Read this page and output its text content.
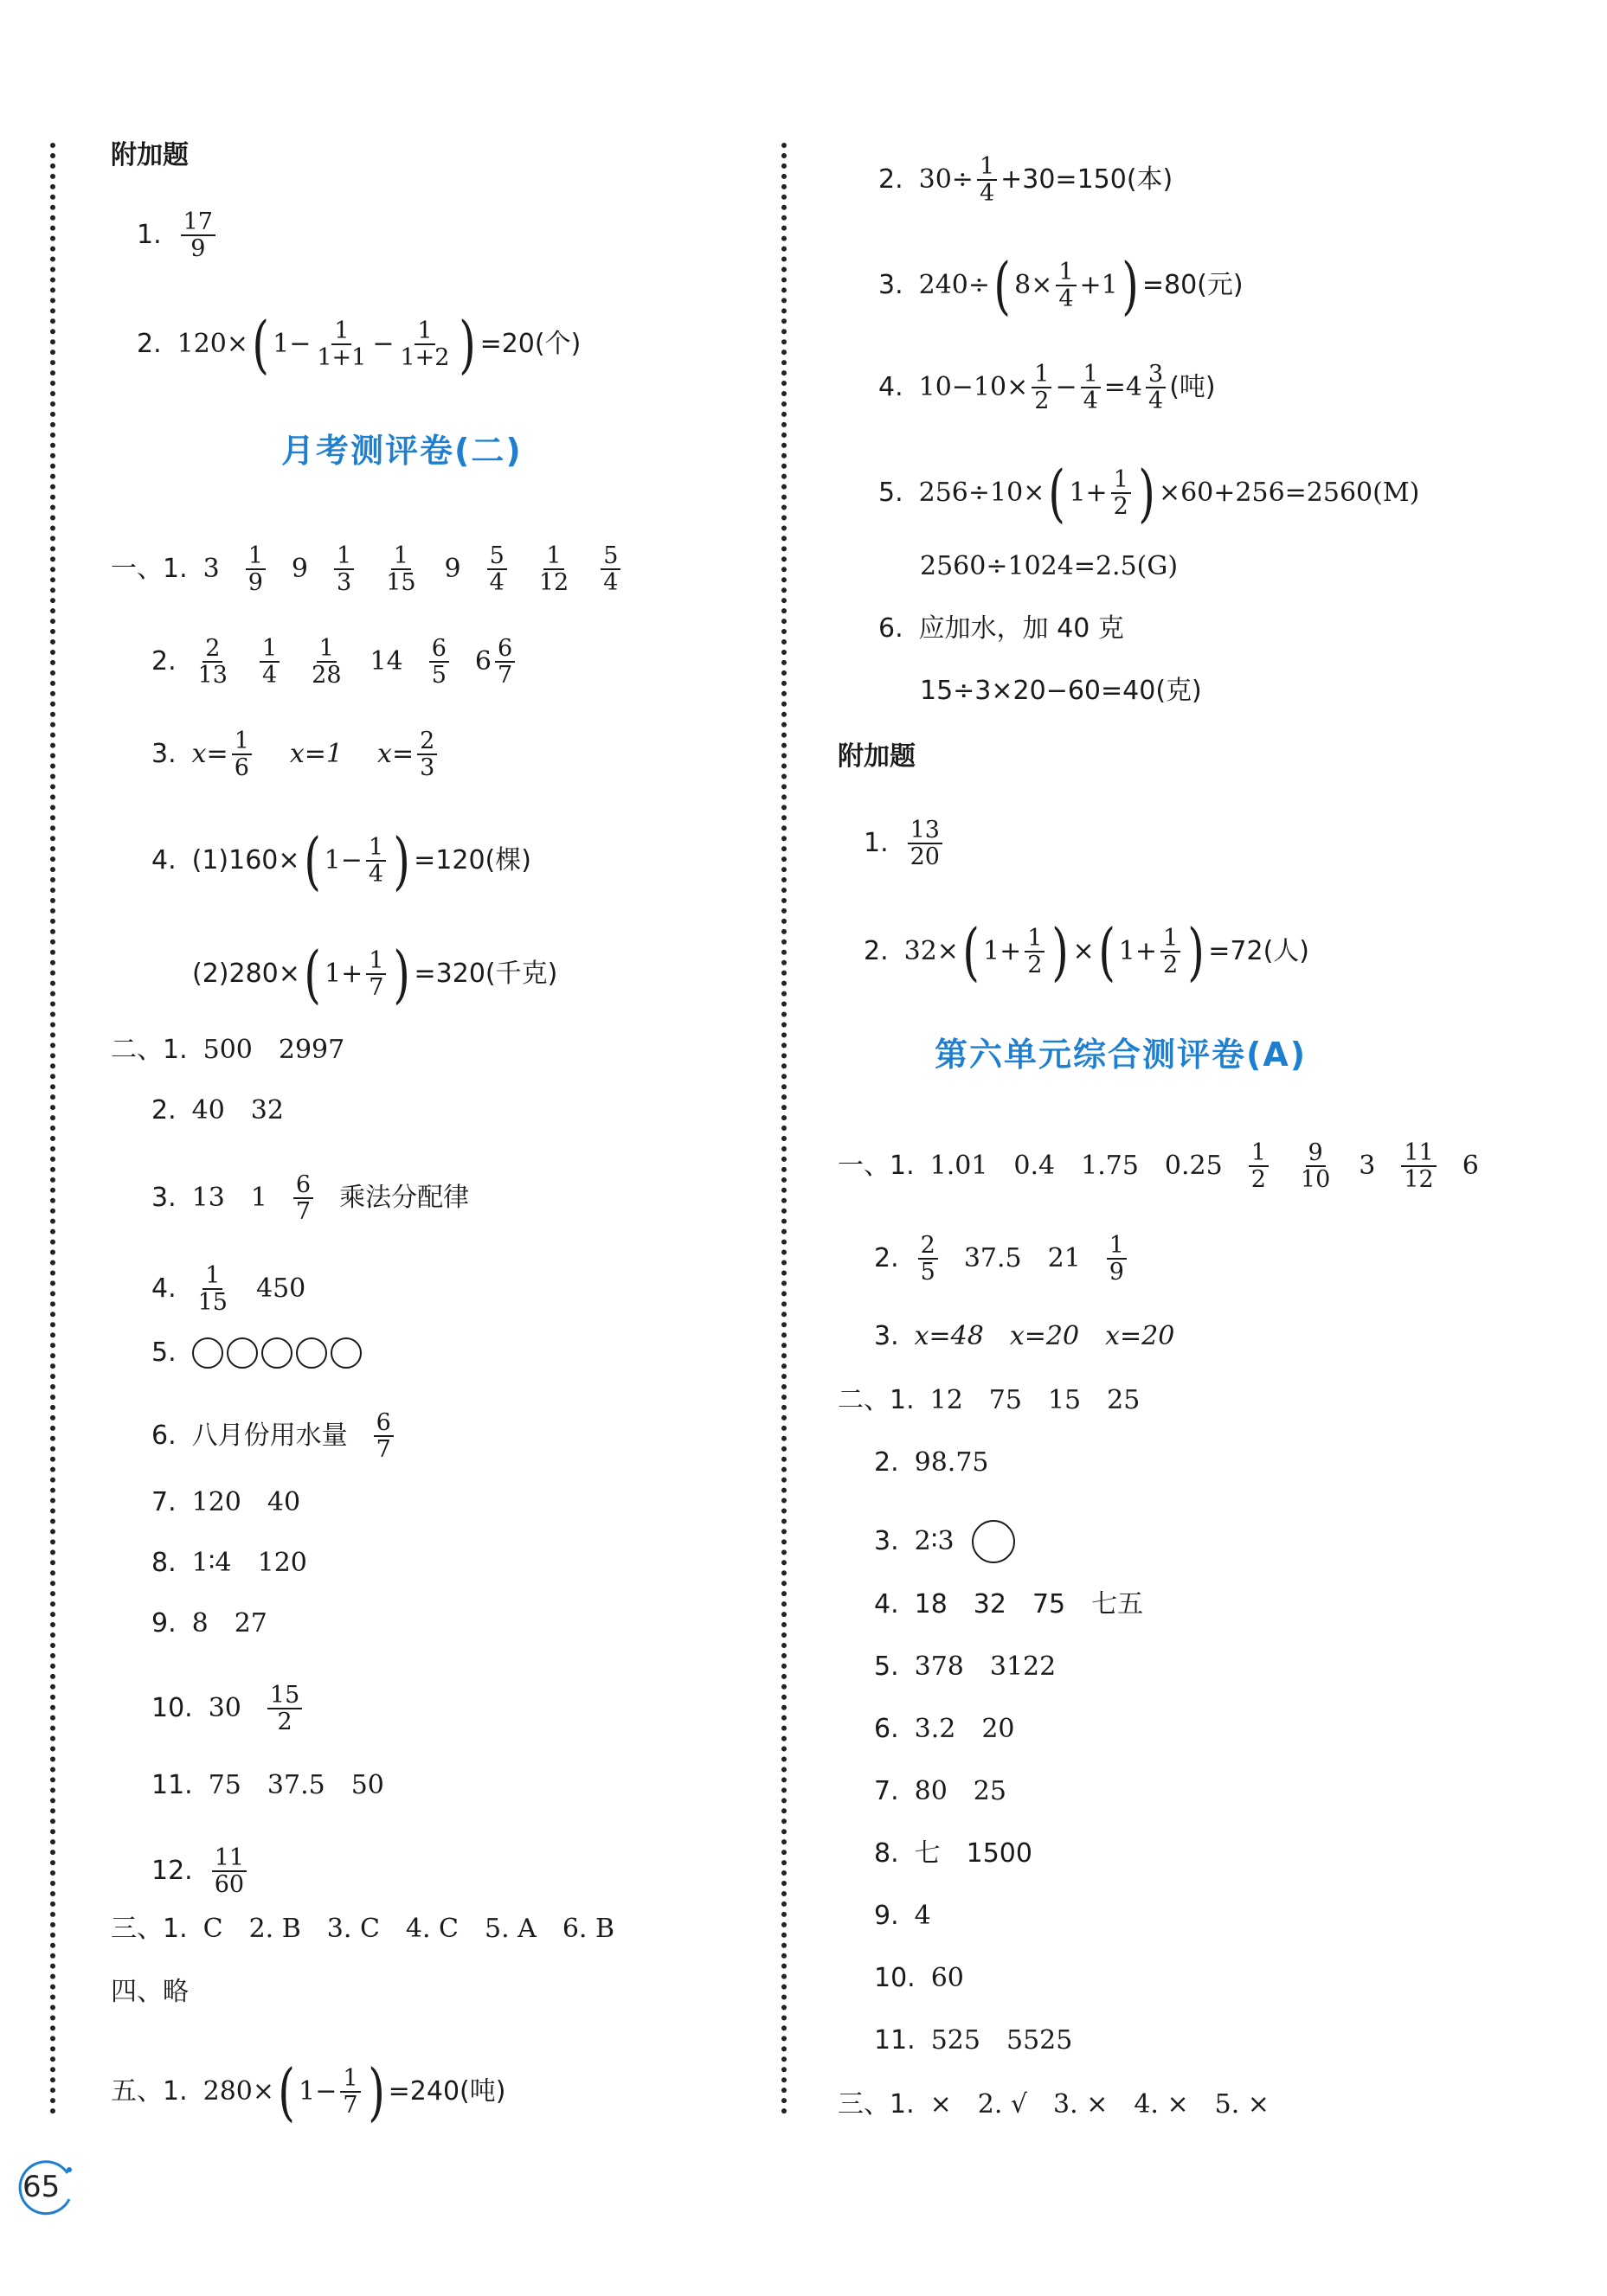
附加题
1. $\frac{17}{9}$
2. 120× ( $1- \frac{1}{1+1} - \frac{1}{1+2}$ ) =20(个)
月考测评卷(二)
一、1. $3 \frac{1}{9} 9 \frac{1}{3} \frac{1}{15} 9 \frac{5}{4} \frac{1}{12} \frac{5}{4}$
2. $\frac{2}{13} \frac{1}{4} \frac{1}{28} 14 \frac{6}{5} 6 \frac{6}{7}$
3. $x= \frac{1}{6} x=1$ $x= \frac{2}{3}$
4. (1)160× ( $1- \frac{1}{4}$ ) =120(棵)
(2)280× ( $1+ \frac{1}{7}$ ) =320(千克)
二、1. 500　2997
2. 40　32
3. 13　$1 \frac{6}{7}$ 乘法分配律
4. $\frac{1}{15} 450$
5.
6. 八月份用水量 $\frac{6}{7}$
7. 120　40
8. 1∶4　120
9. 8　27
10. $30 \frac{15}{2}$
11. 75　37.5　50
12. $\frac{11}{60}$
三、1. C　2. B　3. C　4. C　5. A　6. B
四、略
五、1. 280× ( $1- \frac{1}{7}$ ) =240(吨)
2. $30\div \frac{1}{4} +30=150$(本)
3. 240÷ ( $8\times \frac{1}{4} +1$ ) =80(元)
4. $10-10\times \frac{1}{2} - \frac{1}{4} =4 \frac{3}{4}$ (吨)
5. 256÷10× ( $1+ \frac{1}{2}$ ) ×60+256=2560(M)
2560÷1024=2.5(G)
6. 应加水，加 40 克
15÷3×20−60=40(克)
附加题
1. $\frac{13}{20}$
2. 32× ( $1+ \frac{1}{2}$ ) × ( $1+ \frac{1}{2}$ ) =72(人)
第六单元综合测评卷(A)
一、1. 1.01　0.4　1.75　$0.25 \frac{1}{2} \frac{9}{10} 3 \frac{11}{12} 6$
2. $\frac{2}{5} 37.5$　$21 \frac{1}{9}$
3. x=48　x=20　x=20
二、1. 12　75　15　25
2. 98.75
3. 2∶3
4. 18　32　75　七五
5. 378　3122
6. 3.2　20
7. 80　25
8. 七　1500
9. 4
10. 60
11. 525　5525
三、1. ×　2. √　3. ×　4. ×　5. ×
65
